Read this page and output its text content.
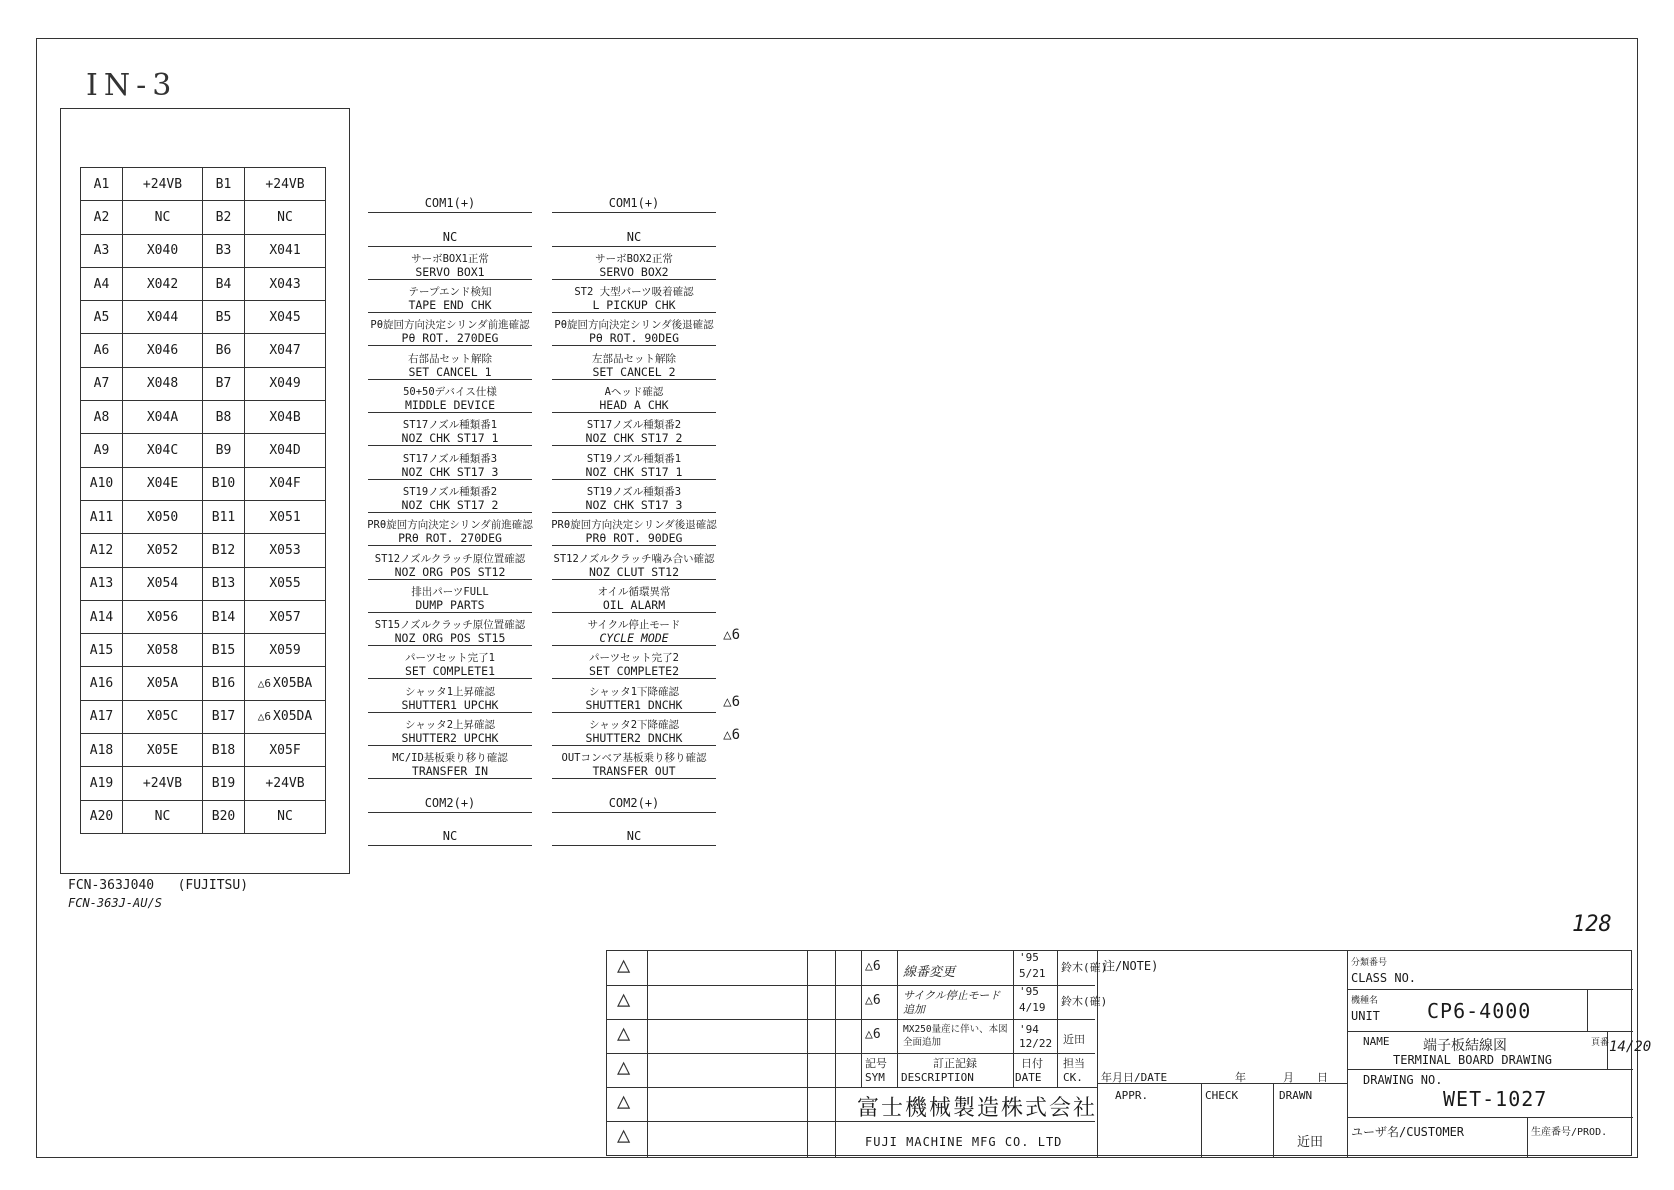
IN-3
A1	+24VB	B1	+24VB
A2	NC	B2	NC
A3	X040	B3	X041
A4	X042	B4	X043
A5	X044	B5	X045
A6	X046	B6	X047
A7	X048	B7	X049
A8	X04A	B8	X04B
A9	X04C	B9	X04D
A10	X04E	B10	X04F
A11	X050	B11	X051
A12	X052	B12	X053
A13	X054	B13	X055
A14	X056	B14	X057
A15	X058	B15	X059
A16	X05A	B16	△6 X05BA
A17	X05C	B17	△6 X05DA
A18	X05E	B18	X05F
A19	+24VB	B19	+24VB
A20	NC	B20	NC
FCN-363J040 (FUJITSU)
FCN-363J-AU/S
COM1(+)
NC
サーボBOX1正常
SERVO BOX1
テープエンド検知
TAPE END CHK
Pθ旋回方向決定シリンダ前進確認
Pθ ROT. 270DEG
右部品セット解除
SET CANCEL 1
50+50デバイス仕様
MIDDLE DEVICE
ST17ノズル種類番1
NOZ CHK ST17 1
ST17ノズル種類番3
NOZ CHK ST17 3
ST19ノズル種類番2
NOZ CHK ST17 2
PRθ旋回方向決定シリンダ前進確認
PRθ ROT. 270DEG
ST12ノズルクラッチ原位置確認
NOZ ORG POS ST12
排出パーツFULL
DUMP PARTS
ST15ノズルクラッチ原位置確認
NOZ ORG POS ST15
パーツセット完了1
SET COMPLETE1
シャッタ1上昇確認
SHUTTER1 UPCHK
シャッタ2上昇確認
SHUTTER2 UPCHK
MC/ID基板乗り移り確認
TRANSFER IN
COM2(+)
NC
COM1(+)
NC
サーボBOX2正常
SERVO BOX2
ST2 大型パーツ吸着確認
L PICKUP CHK
Pθ旋回方向決定シリンダ後退確認
Pθ ROT. 90DEG
左部品セット解除
SET CANCEL 2
Aヘッド確認
HEAD A CHK
ST17ノズル種類番2
NOZ CHK ST17 2
ST19ノズル種類番1
NOZ CHK ST17 1
ST19ノズル種類番3
NOZ CHK ST17 3
PRθ旋回方向決定シリンダ後退確認
PRθ ROT. 90DEG
ST12ノズルクラッチ噛み合い確認
NOZ CLUT ST12
オイル循環異常
OIL ALARM
サイクル停止モード
CYCLE MODE	△6
パーツセット完了2
SET COMPLETE2
シャッタ1下降確認
SHUTTER1 DNCHK	△6
シャッタ2下降確認
SHUTTER2 DNCHK	△6
OUTコンベア基板乗り移り確認
TRANSFER OUT
COM2(+)
NC
128
△
△
△
△
△
△
△6 線番変更
'95
5/21 鈴木(確)
△6 サイクル停止モード追加
'95
4/19 鈴木(確)
△6 MX250量産に伴い、本図全面追加
'94
12/22 近田
記号
SYM
訂正記録
DESCRIPTION
日付
DATE
担当
CK.
富士機械製造株式会社
FUJI MACHINE MFG CO. LTD
注/NOTE)
年月日/DATE	年	月 日
APPR.	CHECK	DRAWN
近田
分類番号
CLASS NO.
機種名
UNIT CP6-4000
NAME 端子板結線図
TERMINAL BOARD DRAWING
頁番 14/20
DRAWING NO.
WET-1027
ユーザ名/CUSTOMER	生産番号/PROD.
